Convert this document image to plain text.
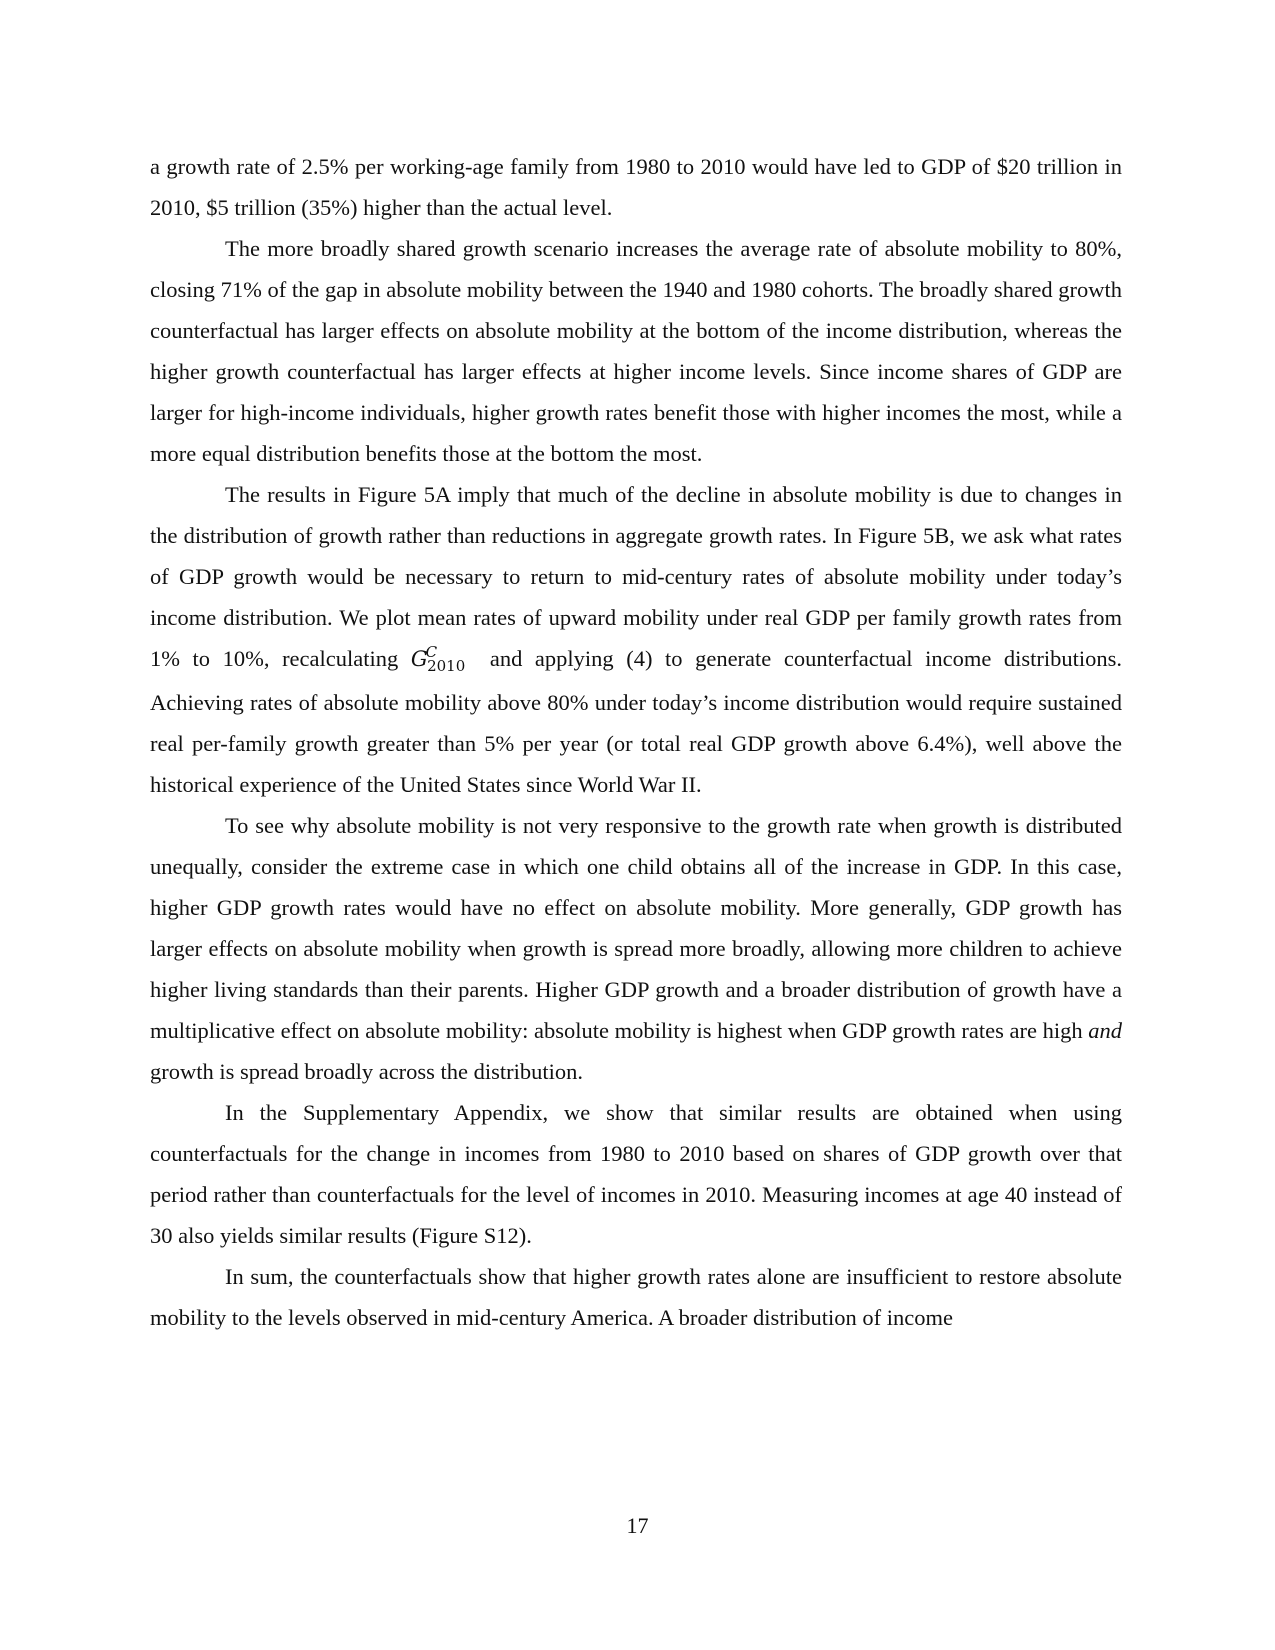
a growth rate of 2.5% per working-age family from 1980 to 2010 would have led to GDP of $20 trillion in 2010, $5 trillion (35%) higher than the actual level.

The more broadly shared growth scenario increases the average rate of absolute mobility to 80%, closing 71% of the gap in absolute mobility between the 1940 and 1980 cohorts. The broadly shared growth counterfactual has larger effects on absolute mobility at the bottom of the income distribution, whereas the higher growth counterfactual has larger effects at higher income levels. Since income shares of GDP are larger for high-income individuals, higher growth rates benefit those with higher incomes the most, while a more equal distribution benefits those at the bottom the most.

The results in Figure 5A imply that much of the decline in absolute mobility is due to changes in the distribution of growth rather than reductions in aggregate growth rates. In Figure 5B, we ask what rates of GDP growth would be necessary to return to mid-century rates of absolute mobility under today’s income distribution. We plot mean rates of upward mobility under real GDP per family growth rates from 1% to 10%, recalculating $G^C_{2010}$ and applying (4) to generate counterfactual income distributions. Achieving rates of absolute mobility above 80% under today’s income distribution would require sustained real per-family growth greater than 5% per year (or total real GDP growth above 6.4%), well above the historical experience of the United States since World War II.

To see why absolute mobility is not very responsive to the growth rate when growth is distributed unequally, consider the extreme case in which one child obtains all of the increase in GDP. In this case, higher GDP growth rates would have no effect on absolute mobility. More generally, GDP growth has larger effects on absolute mobility when growth is spread more broadly, allowing more children to achieve higher living standards than their parents. Higher GDP growth and a broader distribution of growth have a multiplicative effect on absolute mobility: absolute mobility is highest when GDP growth rates are high and growth is spread broadly across the distribution.

In the Supplementary Appendix, we show that similar results are obtained when using counterfactuals for the change in incomes from 1980 to 2010 based on shares of GDP growth over that period rather than counterfactuals for the level of incomes in 2010. Measuring incomes at age 40 instead of 30 also yields similar results (Figure S12).

In sum, the counterfactuals show that higher growth rates alone are insufficient to restore absolute mobility to the levels observed in mid-century America. A broader distribution of income

17
